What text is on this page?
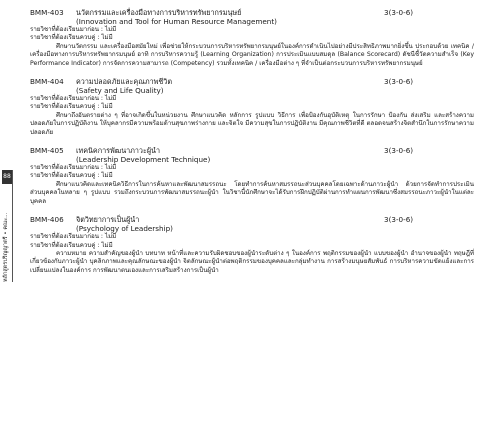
88
หลักสูตรปริญญาตรี • คณะ...
BMM-403	นวัตกรรมและเครื่องมือทางการบริหารทรัพยากรมนุษย์	3(3-0-6)
(Innovation and Tool for Human Resource Management)
รายวิชาที่ต้องเรียนมาก่อน : ไม่มี
รายวิชาที่ต้องเรียนควบคู่ : ไม่มี
ศึกษานวัตกรรม และเครื่องมือสมัยใหม่ เพื่อช่วยให้กระบวนการบริหารทรัพยากรมนุษย์ในองค์การดำเนินไปอย่างมีประสิทธิภาพมากยิ่งขึ้น ประกอบด้วย เทคนิค / เครื่องมือทางการบริหารทรัพยากรมนุษย์ อาทิ การบริหารความรู้ (Learning Organization) การประเมินแบบสมดุล (Balance Scorecard) ดัชนีชี้วัดความสำเร็จ (Key Performance Indicator) การจัดการความสามารถ (Competency) รวมทั้งเทคนิค / เครื่องมือต่าง ๆ ที่จำเป็นต่อกระบวนการบริหารทรัพยากรมนุษย์
BMM-404	ความปลอดภัยและคุณภาพชีวิต	3(3-0-6)
(Safety and Life Quality)
รายวิชาที่ต้องเรียนมาก่อน : ไม่มี
รายวิชาที่ต้องเรียนควบคู่ : ไม่มี
ศึกษาถึงอันตรายต่าง ๆ ที่อาจเกิดขึ้นในหน่วยงาน ศึกษาแนวคิด หลักการ รูปแบบ วิธีการ เพื่อป้องกันอุบัติเหตุ ในการรักษา ป้องกัน ส่งเสริม และสร้างความปลอดภัยในการปฏิบัติงาน ให้บุคลากรมีความพร้อมด้านสุขภาพร่างกาย และจิตใจ มีความสุขในการปฏิบัติงาน มีคุณภาพชีวิตที่ดี ตลอดจนสร้างจิตสำนึกในการรักษาความปลอดภัย
BMM-405	เทคนิคการพัฒนาภาวะผู้นำ	3(3-0-6)
(Leadership Development Technique)
รายวิชาที่ต้องเรียนมาก่อน : ไม่มี
รายวิชาที่ต้องเรียนควบคู่ : ไม่มี
ศึกษาแนวคิดและเทคนิควิธีการในการค้นหาและพัฒนาสมรรถนะ โดยทำการค้นหาสมรรถนะส่วนบุคคลโดยเฉพาะด้านภาวะผู้นำ ด้วยการจัดทำการประเมินส่วนบุคคลในหลาย ๆ รูปแบบ รวมถึงกระบวนการพัฒนาสมรรถนะผู้นำ ในวิชานี้นักศึกษาจะได้รับการฝึกปฏิบัติผ่านการทำแผนการพัฒนาซึ่งสมรรถนะภาวะผู้นำในแต่ละบุคคล
BMM-406	จิตวิทยาการเป็นผู้นำ	3(3-0-6)
(Psychology of Leadership)
รายวิชาที่ต้องเรียนมาก่อน : ไม่มี
รายวิชาที่ต้องเรียนควบคู่ : ไม่มี
ความหมาย ความสำคัญของผู้นำ บทบาท หน้าที่และความรับผิดชอบของผู้นำระดับต่าง ๆ ในองค์การ พฤติกรรมของผู้นำ แบบของผู้นำ อำนาจของผู้นำ ทฤษฎีที่เกี่ยวข้องกับภาวะผู้นำ บุคลิกภาพและคุณลักษณะของผู้นำ จิตลักษณะผู้นำต่อพฤติกรรมของบุคคลและกลุ่มทำงาน การสร้างมนุษยสัมพันธ์ การบริหารความขัดแย้งและการเปลี่ยนแปลงในองค์การ การพัฒนาตนเองและการเสริมสร้างการเป็นผู้นำ
